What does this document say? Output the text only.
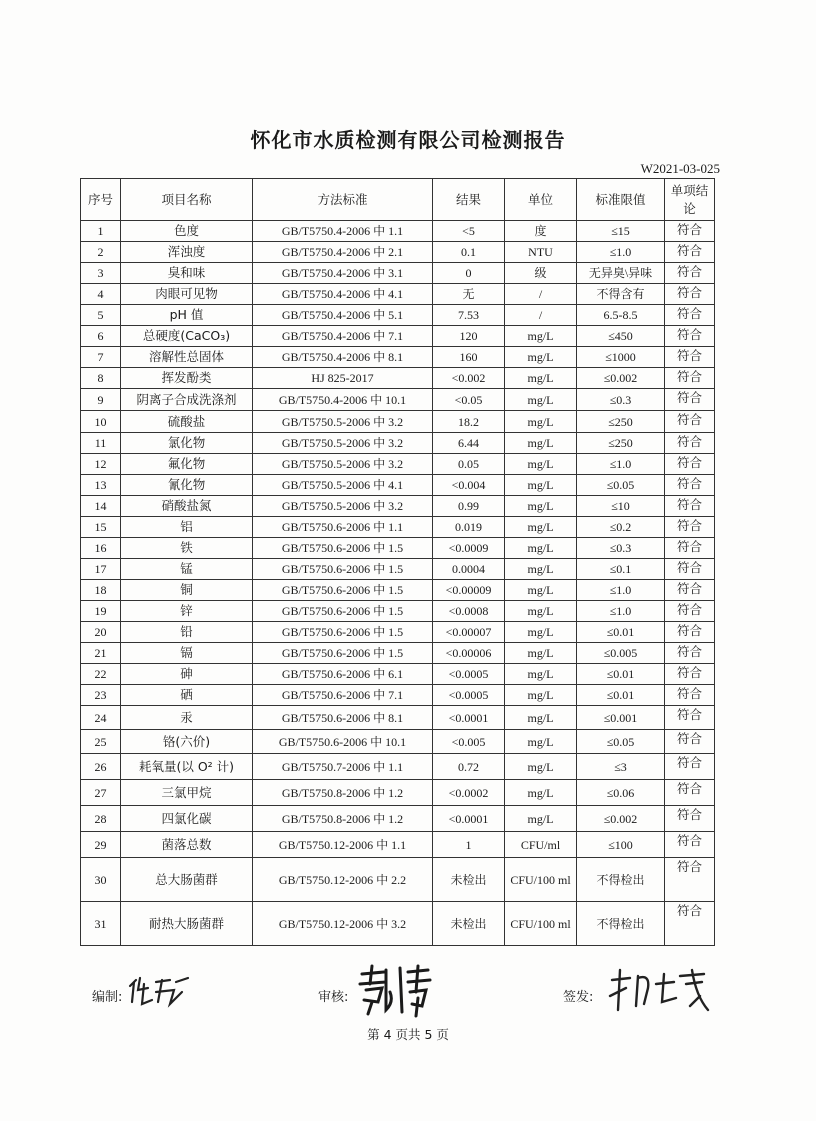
怀化市水质检测有限公司检测报告
W2021-03-025
序号	项目名称	方法标准	结果	单位	标准限值	单项结论
1	色度	GB/T5750.4-2006 中 1.1	<5	度	≤15	符合
2	浑浊度	GB/T5750.4-2006 中 2.1	0.1	NTU	≤1.0	符合
3	臭和味	GB/T5750.4-2006 中 3.1	0	级	无异臭\异味	符合
4	肉眼可见物	GB/T5750.4-2006 中 4.1	无	/	不得含有	符合
5	pH 值	GB/T5750.4-2006 中 5.1	7.53	/	6.5-8.5	符合
6	总硬度(CaCO₃)	GB/T5750.4-2006 中 7.1	120	mg/L	≤450	符合
7	溶解性总固体	GB/T5750.4-2006 中 8.1	160	mg/L	≤1000	符合
8	挥发酚类	HJ 825-2017	<0.002	mg/L	≤0.002	符合
9	阴离子合成洗涤剂	GB/T5750.4-2006 中 10.1	<0.05	mg/L	≤0.3	符合
10	硫酸盐	GB/T5750.5-2006 中 3.2	18.2	mg/L	≤250	符合
11	氯化物	GB/T5750.5-2006 中 3.2	6.44	mg/L	≤250	符合
12	氟化物	GB/T5750.5-2006 中 3.2	0.05	mg/L	≤1.0	符合
13	氰化物	GB/T5750.5-2006 中 4.1	<0.004	mg/L	≤0.05	符合
14	硝酸盐氮	GB/T5750.5-2006 中 3.2	0.99	mg/L	≤10	符合
15	铝	GB/T5750.6-2006 中 1.1	0.019	mg/L	≤0.2	符合
16	铁	GB/T5750.6-2006 中 1.5	<0.0009	mg/L	≤0.3	符合
17	锰	GB/T5750.6-2006 中 1.5	0.0004	mg/L	≤0.1	符合
18	铜	GB/T5750.6-2006 中 1.5	<0.00009	mg/L	≤1.0	符合
19	锌	GB/T5750.6-2006 中 1.5	<0.0008	mg/L	≤1.0	符合
20	铅	GB/T5750.6-2006 中 1.5	<0.00007	mg/L	≤0.01	符合
21	镉	GB/T5750.6-2006 中 1.5	<0.00006	mg/L	≤0.005	符合
22	砷	GB/T5750.6-2006 中 6.1	<0.0005	mg/L	≤0.01	符合
23	硒	GB/T5750.6-2006 中 7.1	<0.0005	mg/L	≤0.01	符合
24	汞	GB/T5750.6-2006 中 8.1	<0.0001	mg/L	≤0.001	符合
25	铬(六价)	GB/T5750.6-2006 中 10.1	<0.005	mg/L	≤0.05	符合
26	耗氧量(以 O² 计)	GB/T5750.7-2006 中 1.1	0.72	mg/L	≤3	符合
27	三氯甲烷	GB/T5750.8-2006 中 1.2	<0.0002	mg/L	≤0.06	符合
28	四氯化碳	GB/T5750.8-2006 中 1.2	<0.0001	mg/L	≤0.002	符合
29	菌落总数	GB/T5750.12-2006 中 1.1	1	CFU/ml	≤100	符合
30	总大肠菌群	GB/T5750.12-2006 中 2.2	未检出	CFU/100 ml	不得检出	符合
31	耐热大肠菌群	GB/T5750.12-2006 中 3.2	未检出	CFU/100 ml	不得检出	符合
编制:	审核:	签发:
第 4 页共 5 页
